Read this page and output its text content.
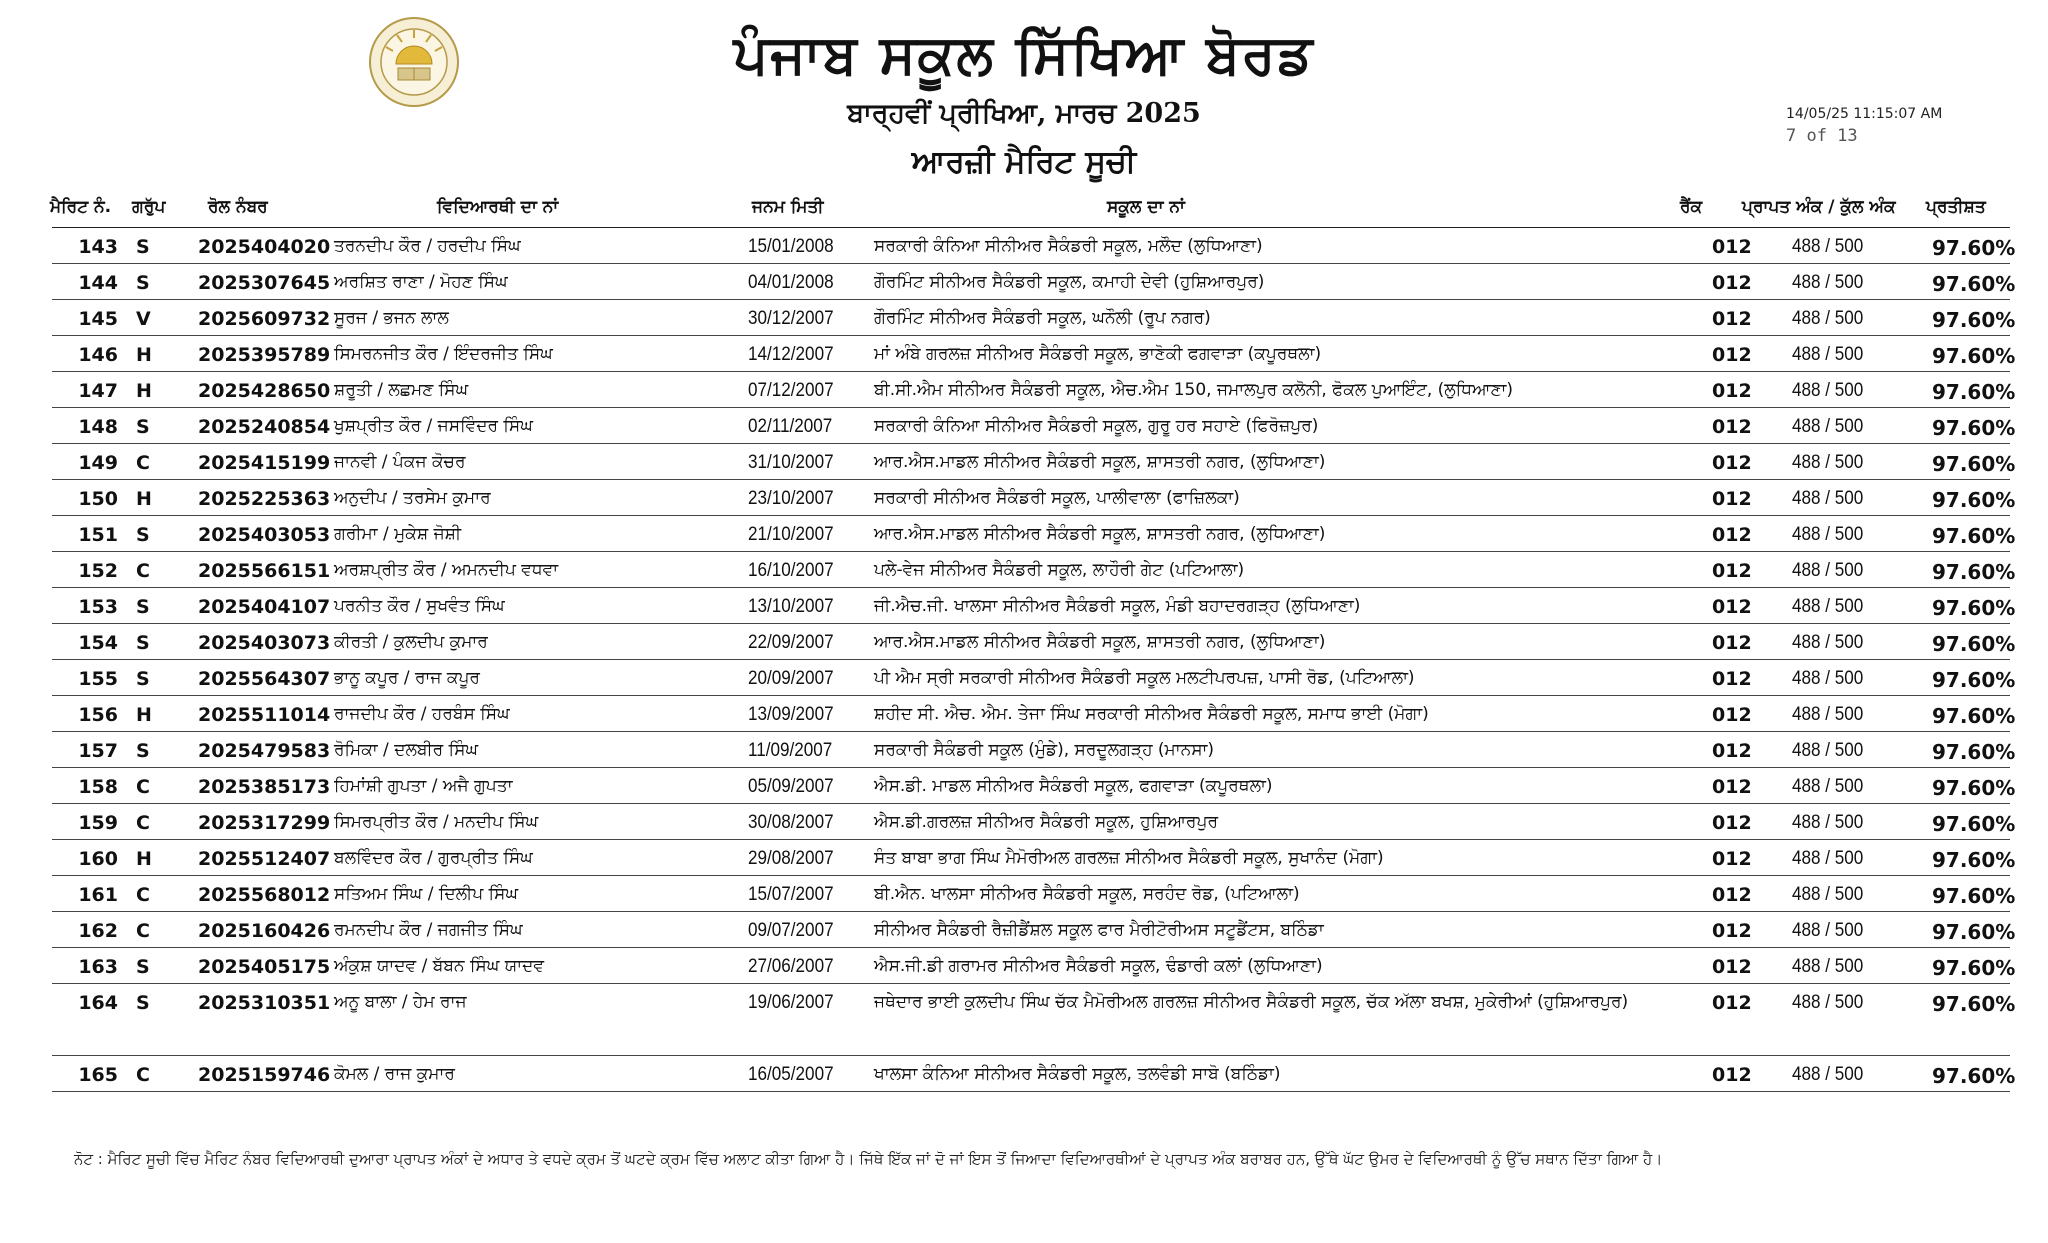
ਪੰਜਾਬ ਸਕੂਲ ਸਿੱਖਿਆ ਬੋਰਡ
ਬਾਰ੍ਹਵੀਂ ਪ੍ਰੀਖਿਆ, ਮਾਰਚ 2025
ਆਰਜ਼ੀ ਮੈਰਿਟ ਸੂਚੀ
14/05/25 11:15:07 AM
7 of 13
ਮੈਰਿਟ ਨੰ. ਗਰੁੱਪ	ਰੋਲ ਨੰਬਰ	ਵਿਦਿਆਰਥੀ ਦਾ ਨਾਂ	ਜਨਮ ਮਿਤੀ	ਸਕੂਲ ਦਾ ਨਾਂ	ਰੈਂਕ ਪ੍ਰਾਪਤ ਅੰਕ / ਕੁੱਲ ਅੰਕ ਪ੍ਰਤੀਸ਼ਤ
143 S	2025404020 ਤਰਨਦੀਪ ਕੌਰ / ਹਰਦੀਪ ਸਿੰਘ	15/01/2008 ਸਰਕਾਰੀ ਕੰਨਿਆ ਸੀਨੀਅਰ ਸੈਕੰਡਰੀ ਸਕੂਲ, ਮਲੌਦ (ਲੁਧਿਆਣਾ)	012 488 / 500	97.60%
144 S	2025307645 ਅਰਸ਼ਿਤ ਰਾਣਾ / ਮੋਹਣ ਸਿੰਘ	04/01/2008 ਗੌਰਮਿੰਟ ਸੀਨੀਅਰ ਸੈਕੰਡਰੀ ਸਕੂਲ, ਕਮਾਹੀ ਦੇਵੀ (ਹੁਸ਼ਿਆਰਪੁਰ)	012 488 / 500	97.60%
145 V 2025609732 ਸੂਰਜ / ਭਜਨ ਲਾਲ	30/12/2007 ਗੌਰਮਿੰਟ ਸੀਨੀਅਰ ਸੈਕੰਡਰੀ ਸਕੂਲ, ਘਨੌਲੀ (ਰੂਪ ਨਗਰ)	012 488 / 500	97.60%
146 H 2025395789 ਸਿਮਰਨਜੀਤ ਕੌਰ / ਇੰਦਰਜੀਤ ਸਿੰਘ	14/12/2007 ਮਾਂ ਅੰਬੇ ਗਰਲਜ਼ ਸੀਨੀਅਰ ਸੈਕੰਡਰੀ ਸਕੂਲ, ਭਾਣੋਕੀ ਫਗਵਾੜਾ (ਕਪੂਰਥਲਾ)	012 488 / 500	97.60%
147 H 2025428650 ਸ਼ਰੂਤੀ / ਲਛਮਣ ਸਿੰਘ	07/12/2007 ਬੀ.ਸੀ.ਐਮ ਸੀਨੀਅਰ ਸੈਕੰਡਰੀ ਸਕੂਲ, ਐਚ.ਐਮ 150, ਜਮਾਲਪੁਰ ਕਲੋਨੀ, ਫੋਕਲ ਪੁਆਇੰਟ, (ਲੁਧਿਆਣਾ)	012 488 / 500	97.60%
148 S	2025240854 ਖੁਸ਼ਪ੍ਰੀਤ ਕੌਰ / ਜਸਵਿੰਦਰ ਸਿੰਘ	02/11/2007 ਸਰਕਾਰੀ ਕੰਨਿਆ ਸੀਨੀਅਰ ਸੈਕੰਡਰੀ ਸਕੂਲ, ਗੁਰੂ ਹਰ ਸਹਾਏ (ਫਿਰੋਜ਼ਪੁਰ)	012 488 / 500	97.60%
149 C	2025415199 ਜਾਨਵੀ / ਪੰਕਜ ਕੋਚਰ	31/10/2007 ਆਰ.ਐਸ.ਮਾਡਲ ਸੀਨੀਅਰ ਸੈਕੰਡਰੀ ਸਕੂਲ, ਸ਼ਾਸਤਰੀ ਨਗਰ, (ਲੁਧਿਆਣਾ)	012 488 / 500	97.60%
150 H 2025225363 ਅਨੁਦੀਪ / ਤਰਸੇਮ ਕੁਮਾਰ	23/10/2007 ਸਰਕਾਰੀ ਸੀਨੀਅਰ ਸੈਕੰਡਰੀ ਸਕੂਲ, ਪਾਲੀਵਾਲਾ (ਫਾਜ਼ਿਲਕਾ)	012 488 / 500	97.60%
151 S	2025403053 ਗਰੀਮਾ / ਮੁਕੇਸ਼ ਜੋਸ਼ੀ	21/10/2007 ਆਰ.ਐਸ.ਮਾਡਲ ਸੀਨੀਅਰ ਸੈਕੰਡਰੀ ਸਕੂਲ, ਸ਼ਾਸਤਰੀ ਨਗਰ, (ਲੁਧਿਆਣਾ)	012 488 / 500	97.60%
152 C	2025566151 ਅਰਸ਼ਪ੍ਰੀਤ ਕੌਰ / ਅਮਨਦੀਪ ਵਧਵਾ	16/10/2007 ਪਲੇ-ਵੇਜ ਸੀਨੀਅਰ ਸੈਕੰਡਰੀ ਸਕੂਲ, ਲਾਹੌਰੀ ਗੇਟ (ਪਟਿਆਲਾ)	012 488 / 500	97.60%
153 S	2025404107 ਪਰਨੀਤ ਕੌਰ / ਸੁਖਵੰਤ ਸਿੰਘ	13/10/2007 ਜੀ.ਐਚ.ਜੀ. ਖਾਲਸਾ ਸੀਨੀਅਰ ਸੈਕੰਡਰੀ ਸਕੂਲ, ਮੰਡੀ ਬਹਾਦਰਗੜ੍ਹ (ਲੁਧਿਆਣਾ)	012 488 / 500	97.60%
154 S	2025403073 ਕੀਰਤੀ / ਕੁਲਦੀਪ ਕੁਮਾਰ	22/09/2007 ਆਰ.ਐਸ.ਮਾਡਲ ਸੀਨੀਅਰ ਸੈਕੰਡਰੀ ਸਕੂਲ, ਸ਼ਾਸਤਰੀ ਨਗਰ, (ਲੁਧਿਆਣਾ)	012 488 / 500	97.60%
155 S	2025564307 ਭਾਨੂ ਕਪੂਰ / ਰਾਜ ਕਪੂਰ	20/09/2007 ਪੀ ਐਮ ਸ੍ਰੀ ਸਰਕਾਰੀ ਸੀਨੀਅਰ ਸੈਕੰਡਰੀ ਸਕੂਲ ਮਲਟੀਪਰਪਜ਼, ਪਾਸੀ ਰੋਡ, (ਪਟਿਆਲਾ)	012 488 / 500	97.60%
156 H 2025511014 ਰਾਜਦੀਪ ਕੌਰ / ਹਰਬੰਸ ਸਿੰਘ	13/09/2007 ਸ਼ਹੀਦ ਸੀ. ਐਚ. ਐਮ. ਤੇਜਾ ਸਿੰਘ ਸਰਕਾਰੀ ਸੀਨੀਅਰ ਸੈਕੰਡਰੀ ਸਕੂਲ, ਸਮਾਧ ਭਾਈ (ਮੋਗਾ)	012 488 / 500	97.60%
157 S	2025479583 ਰੋਮਿਕਾ / ਦਲਬੀਰ ਸਿੰਘ	11/09/2007 ਸਰਕਾਰੀ ਸੈਕੰਡਰੀ ਸਕੂਲ (ਮੁੰਡੇ), ਸਰਦੂਲਗੜ੍ਹ (ਮਾਨਸਾ)	012 488 / 500	97.60%
158 C	2025385173 ਹਿਮਾਂਸ਼ੀ ਗੁਪਤਾ / ਅਜੈ ਗੁਪਤਾ	05/09/2007 ਐਸ.ਡੀ. ਮਾਡਲ ਸੀਨੀਅਰ ਸੈਕੰਡਰੀ ਸਕੂਲ, ਫਗਵਾੜਾ (ਕਪੂਰਥਲਾ)	012 488 / 500	97.60%
159 C	2025317299 ਸਿਮਰਪ੍ਰੀਤ ਕੌਰ / ਮਨਦੀਪ ਸਿੰਘ	30/08/2007 ਐਸ.ਡੀ.ਗਰਲਜ਼ ਸੀਨੀਅਰ ਸੈਕੰਡਰੀ ਸਕੂਲ, ਹੁਸ਼ਿਆਰਪੁਰ	012 488 / 500	97.60%
160 H 2025512407 ਬਲਵਿੰਦਰ ਕੌਰ / ਗੁਰਪ੍ਰੀਤ ਸਿੰਘ	29/08/2007 ਸੰਤ ਬਾਬਾ ਭਾਗ ਸਿੰਘ ਮੈਮੋਰੀਅਲ ਗਰਲਜ਼ ਸੀਨੀਅਰ ਸੈਕੰਡਰੀ ਸਕੂਲ, ਸੁਖਾਨੰਦ (ਮੋਗਾ)	012 488 / 500	97.60%
161 C	2025568012 ਸਤਿਅਮ ਸਿੰਘ / ਦਿਲੀਪ ਸਿੰਘ	15/07/2007 ਬੀ.ਐਨ. ਖਾਲਸਾ ਸੀਨੀਅਰ ਸੈਕੰਡਰੀ ਸਕੂਲ, ਸਰਹੰਦ ਰੋਡ, (ਪਟਿਆਲਾ)	012 488 / 500	97.60%
162 C	2025160426 ਰਮਨਦੀਪ ਕੌਰ / ਜਗਜੀਤ ਸਿੰਘ	09/07/2007 ਸੀਨੀਅਰ ਸੈਕੰਡਰੀ ਰੈਜ਼ੀਡੈਂਸ਼ਲ ਸਕੂਲ ਫਾਰ ਮੈਰੀਟੋਰੀਅਸ ਸਟੂਡੈਂਟਸ, ਬਠਿੰਡਾ	012 488 / 500	97.60%
163 S	2025405175 ਅੰਕੁਸ਼ ਯਾਦਵ / ਬੱਬਨ ਸਿੰਘ ਯਾਦਵ	27/06/2007 ਐਸ.ਜੀ.ਡੀ ਗਰਾਮਰ ਸੀਨੀਅਰ ਸੈਕੰਡਰੀ ਸਕੂਲ, ਢੰਡਾਰੀ ਕਲਾਂ (ਲੁਧਿਆਣਾ)	012 488 / 500	97.60%
164 S	2025310351 ਅਨੂ ਬਾਲਾ / ਹੇਮ ਰਾਜ	19/06/2007 ਜਥੇਦਾਰ ਭਾਈ ਕੁਲਦੀਪ ਸਿੰਘ ਚੱਕ ਮੈਮੋਰੀਅਲ ਗਰਲਜ਼ ਸੀਨੀਅਰ ਸੈਕੰਡਰੀ ਸਕੂਲ, ਚੱਕ ਅੱਲਾ ਬਖਸ਼, ਮੁਕੇਰੀਆਂ (ਹੁਸ਼ਿਆਰਪੁਰ)	012 488 / 500	97.60%
165 C	2025159746 ਕੋਮਲ / ਰਾਜ ਕੁਮਾਰ	16/05/2007 ਖਾਲਸਾ ਕੰਨਿਆ ਸੀਨੀਅਰ ਸੈਕੰਡਰੀ ਸਕੂਲ, ਤਲਵੰਡੀ ਸਾਬੋ (ਬਠਿੰਡਾ)	012 488 / 500	97.60%
ਨੋਟ : ਮੈਰਿਟ ਸੂਚੀ ਵਿੱਚ ਮੈਰਿਟ ਨੰਬਰ ਵਿਦਿਆਰਥੀ ਦੁਆਰਾ ਪ੍ਰਾਪਤ ਅੰਕਾਂ ਦੇ ਅਧਾਰ ਤੇ ਵਧਦੇ ਕ੍ਰਮ ਤੋਂ ਘਟਦੇ ਕ੍ਰਮ ਵਿੱਚ ਅਲਾਟ ਕੀਤਾ ਗਿਆ ਹੈ। ਜਿੱਥੇ ਇੱਕ ਜਾਂ ਦੋ ਜਾਂ ਇਸ ਤੋਂ ਜਿਆਦਾ ਵਿਦਿਆਰਥੀਆਂ ਦੇ ਪ੍ਰਾਪਤ ਅੰਕ ਬਰਾਬਰ ਹਨ, ਉੱਥੇ ਘੱਟ ਉਮਰ ਦੇ ਵਿਦਿਆਰਥੀ ਨੂੰ ਉੱਚ ਸਥਾਨ ਦਿੱਤਾ ਗਿਆ ਹੈ।
